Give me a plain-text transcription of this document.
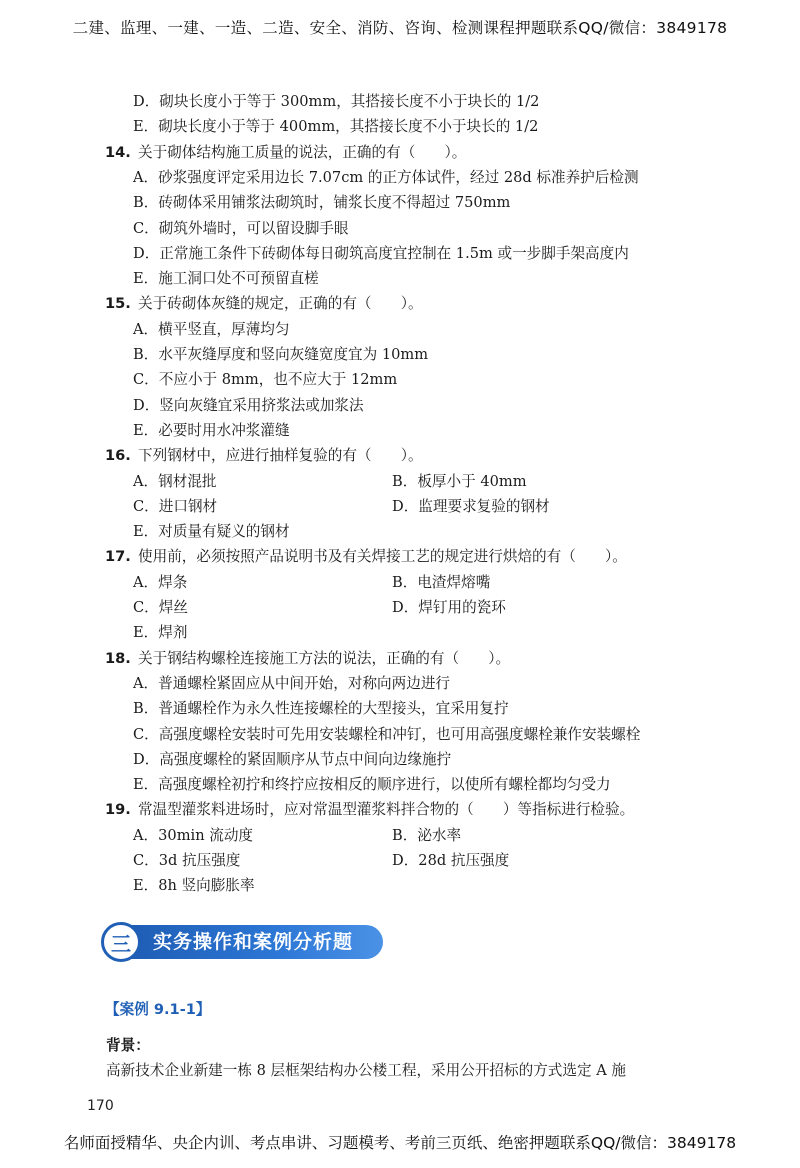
二建、监理、一建、一造、二造、安全、消防、咨询、检测课程押题联系QQ/微信：3849178
D．砌块长度小于等于 300mm，其搭接长度不小于块长的 1/2
E．砌块长度小于等于 400mm，其搭接长度不小于块长的 1/2
14. 关于砌体结构施工质量的说法，正确的有（　　）。
A．砂浆强度评定采用边长 7.07cm 的正方体试件，经过 28d 标准养护后检测
B．砖砌体采用铺浆法砌筑时，铺浆长度不得超过 750mm
C．砌筑外墙时，可以留设脚手眼
D．正常施工条件下砖砌体每日砌筑高度宜控制在 1.5m 或一步脚手架高度内
E．施工洞口处不可预留直槎
15. 关于砖砌体灰缝的规定，正确的有（　　）。
A．横平竖直，厚薄均匀
B．水平灰缝厚度和竖向灰缝宽度宜为 10mm
C．不应小于 8mm，也不应大于 12mm
D．竖向灰缝宜采用挤浆法或加浆法
E．必要时用水冲浆灌缝
16. 下列钢材中，应进行抽样复验的有（　　）。
A．钢材混批	B．板厚小于 40mm
C．进口钢材	D．监理要求复验的钢材
E．对质量有疑义的钢材
17. 使用前，必须按照产品说明书及有关焊接工艺的规定进行烘焙的有（　　）。
A．焊条	B．电渣焊熔嘴
C．焊丝	D．焊钉用的瓷环
E．焊剂
18. 关于钢结构螺栓连接施工方法的说法，正确的有（　　）。
A．普通螺栓紧固应从中间开始，对称向两边进行
B．普通螺栓作为永久性连接螺栓的大型接头，宜采用复拧
C．高强度螺栓安装时可先用安装螺栓和冲钉，也可用高强度螺栓兼作安装螺栓
D．高强度螺栓的紧固顺序从节点中间向边缘施拧
E．高强度螺栓初拧和终拧应按相反的顺序进行，以使所有螺栓都均匀受力
19. 常温型灌浆料进场时，应对常温型灌浆料拌合物的（　　）等指标进行检验。
A．30min 流动度	B．泌水率
C．3d 抗压强度	D．28d 抗压强度
E．8h 竖向膨胀率
三	实务操作和案例分析题
【案例 9.1-1】
背景：
高新技术企业新建一栋 8 层框架结构办公楼工程，采用公开招标的方式选定 A 施
170
名师面授精华、央企内训、考点串讲、习题模考、考前三页纸、绝密押题联系QQ/微信：3849178
